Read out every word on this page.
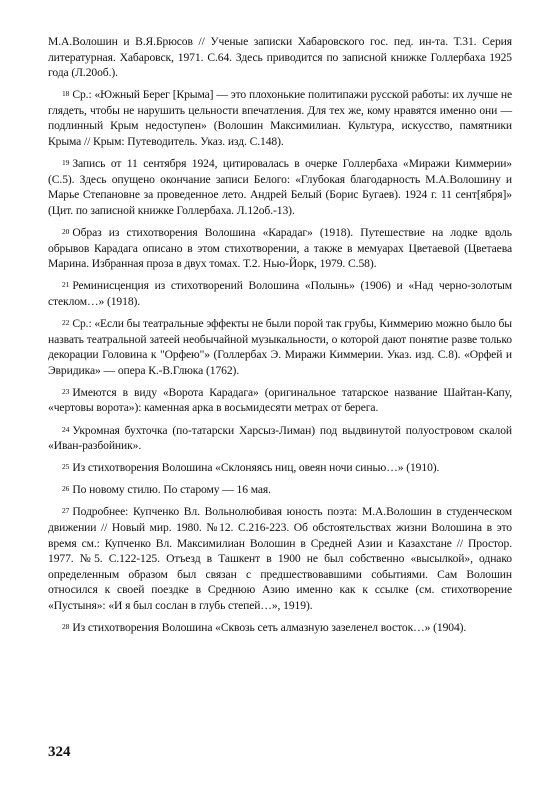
М.А.Волошин и В.Я.Брюсов // Ученые записки Хабаровского гос. пед. ин-та. Т.31. Серия литературная. Хабаровск, 1971. С.64. Здесь приводится по записной книжке Голлербаха 1925 года (Л.20об.).

$^{18}$ Ср.: «Южный Берег [Крыма] — это плохонькие политипажи русской работы: их лучше не глядеть, чтобы не нарушить цельности впечатления. Для тех же, кому нравятся именно они — подлинный Крым недоступен» (Волошин Максимилиан. Культура, искусство, памятники Крыма // Крым: Путеводитель. Указ. изд. С.148).

$^{19}$ Запись от 11 сентября 1924, цитировалась в очерке Голлербаха «Миражи Киммерии» (С.5). Здесь опущено окончание записи Белого: «Глубокая благодарность М.А.Волошину и Марье Степановне за проведенное лето. Андрей Белый (Борис Бугаев). 1924 г. 11 сент[ября]» (Цит. по записной книжке Голлербаха. Л.12об.-13).

$^{20}$ Образ из стихотворения Волошина «Карадаг» (1918). Путешествие на лодке вдоль обрывов Карадага описано в этом стихотворении, а также в мемуарах Цветаевой (Цветаева Марина. Избранная проза в двух томах. Т.2. Нью-Йорк, 1979. С.58).

$^{21}$ Реминисценция из стихотворений Волошина «Полынь» (1906) и «Над черно-золотым стеклом…» (1918).

$^{22}$ Ср.: «Если бы театральные эффекты не были порой так грубы, Киммерию можно было бы назвать театральной затеей необычайной музыкальности, о которой дают понятие разве только декорации Головина к "Орфею"» (Голлербах Э. Миражи Киммерии. Указ. изд. С.8). «Орфей и Эвридика» — опера К.-В.Глюка (1762).

$^{23}$ Имеются в виду «Ворота Карадага» (оригинальное татарское название Шайтан-Капу, «чертовы ворота»): каменная арка в восьмидесяти метрах от берега.

$^{24}$ Укромная бухточка (по-татарски Харсыз-Лиман) под выдвинутой полуостровом скалой «Иван-разбойник».

$^{25}$ Из стихотворения Волошина «Склоняясь ниц, овеян ночи синью…» (1910).

$^{26}$ По новому стилю. По старому — 16 мая.

$^{27}$ Подробнее: Купченко Вл. Вольнолюбивая юность поэта: М.А.Волошин в студенческом движении // Новый мир. 1980. №12. С.216-223. Об обстоятельствах жизни Волошина в это время см.: Купченко Вл. Максимилиан Волошин в Средней Азии и Казахстане // Простор. 1977. №5. С.122-125. Отъезд в Ташкент в 1900 не был собственно «высылкой», однако определенным образом был связан с предшествовавшими событиями. Сам Волошин относился к своей поездке в Среднюю Азию именно как к ссылке (см. стихотворение «Пустыня»: «И я был сослан в глубь степей…», 1919).

$^{28}$ Из стихотворения Волошина «Сквозь сеть алмазную зазеленел восток…» (1904).

324
